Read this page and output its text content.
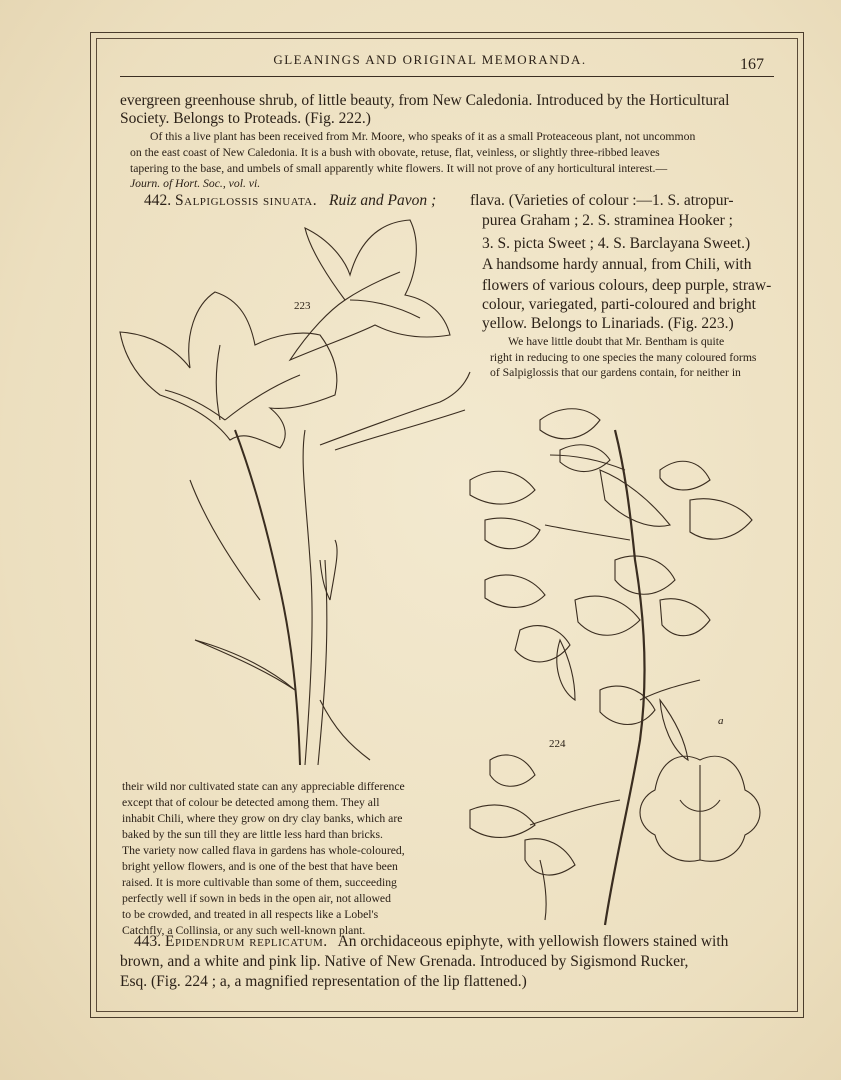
GLEANINGS AND ORIGINAL MEMORANDA.	167

evergreen greenhouse shrub, of little beauty, from New Caledonia. Introduced by the Horticultural

Society. Belongs to Proteads. (Fig. 222.)

Of this a live plant has been received from Mr. Moore, who speaks of it as a small Proteaceous plant, not uncommon

on the east coast of New Caledonia. It is a bush with obovate, retuse, flat, veinless, or slightly three-ribbed leaves

tapering to the base, and umbels of small apparently white flowers. It will not prove of any horticultural interest.—

Journ. of Hort. Soc., vol. vi.

442. Salpiglossis sinuata. Ruiz and Pavon ; flava. (Varieties of colour :—1. S. atropur-

purea Graham ; 2. S. straminea Hooker ;

3. S. picta Sweet ; 4. S. Barclayana Sweet.)

A handsome hardy annual, from Chili, with

flowers of various colours, deep purple, straw-

colour, variegated, parti-coloured and bright

yellow. Belongs to Linariads. (Fig. 223.)

We have little doubt that Mr. Bentham is quite

right in reducing to one species the many coloured forms

of Salpiglossis that our gardens contain, for neither in

223
224
a

their wild nor cultivated state can any appreciable difference

except that of colour be detected among them. They all

inhabit Chili, where they grow on dry clay banks, which are

baked by the sun till they are little less hard than bricks.

The variety now called flava in gardens has whole-coloured,

bright yellow flowers, and is one of the best that have been

raised. It is more cultivable than some of them, succeeding

perfectly well if sown in beds in the open air, not allowed

to be crowded, and treated in all respects like a Lobel's

Catchfly, a Collinsia, or any such well-known plant.

443. Epidendrum replicatum. An orchidaceous epiphyte, with yellowish flowers stained with

brown, and a white and pink lip. Native of New Grenada. Introduced by Sigismond Rucker,

Esq. (Fig. 224 ; a, a magnified representation of the lip flattened.)
